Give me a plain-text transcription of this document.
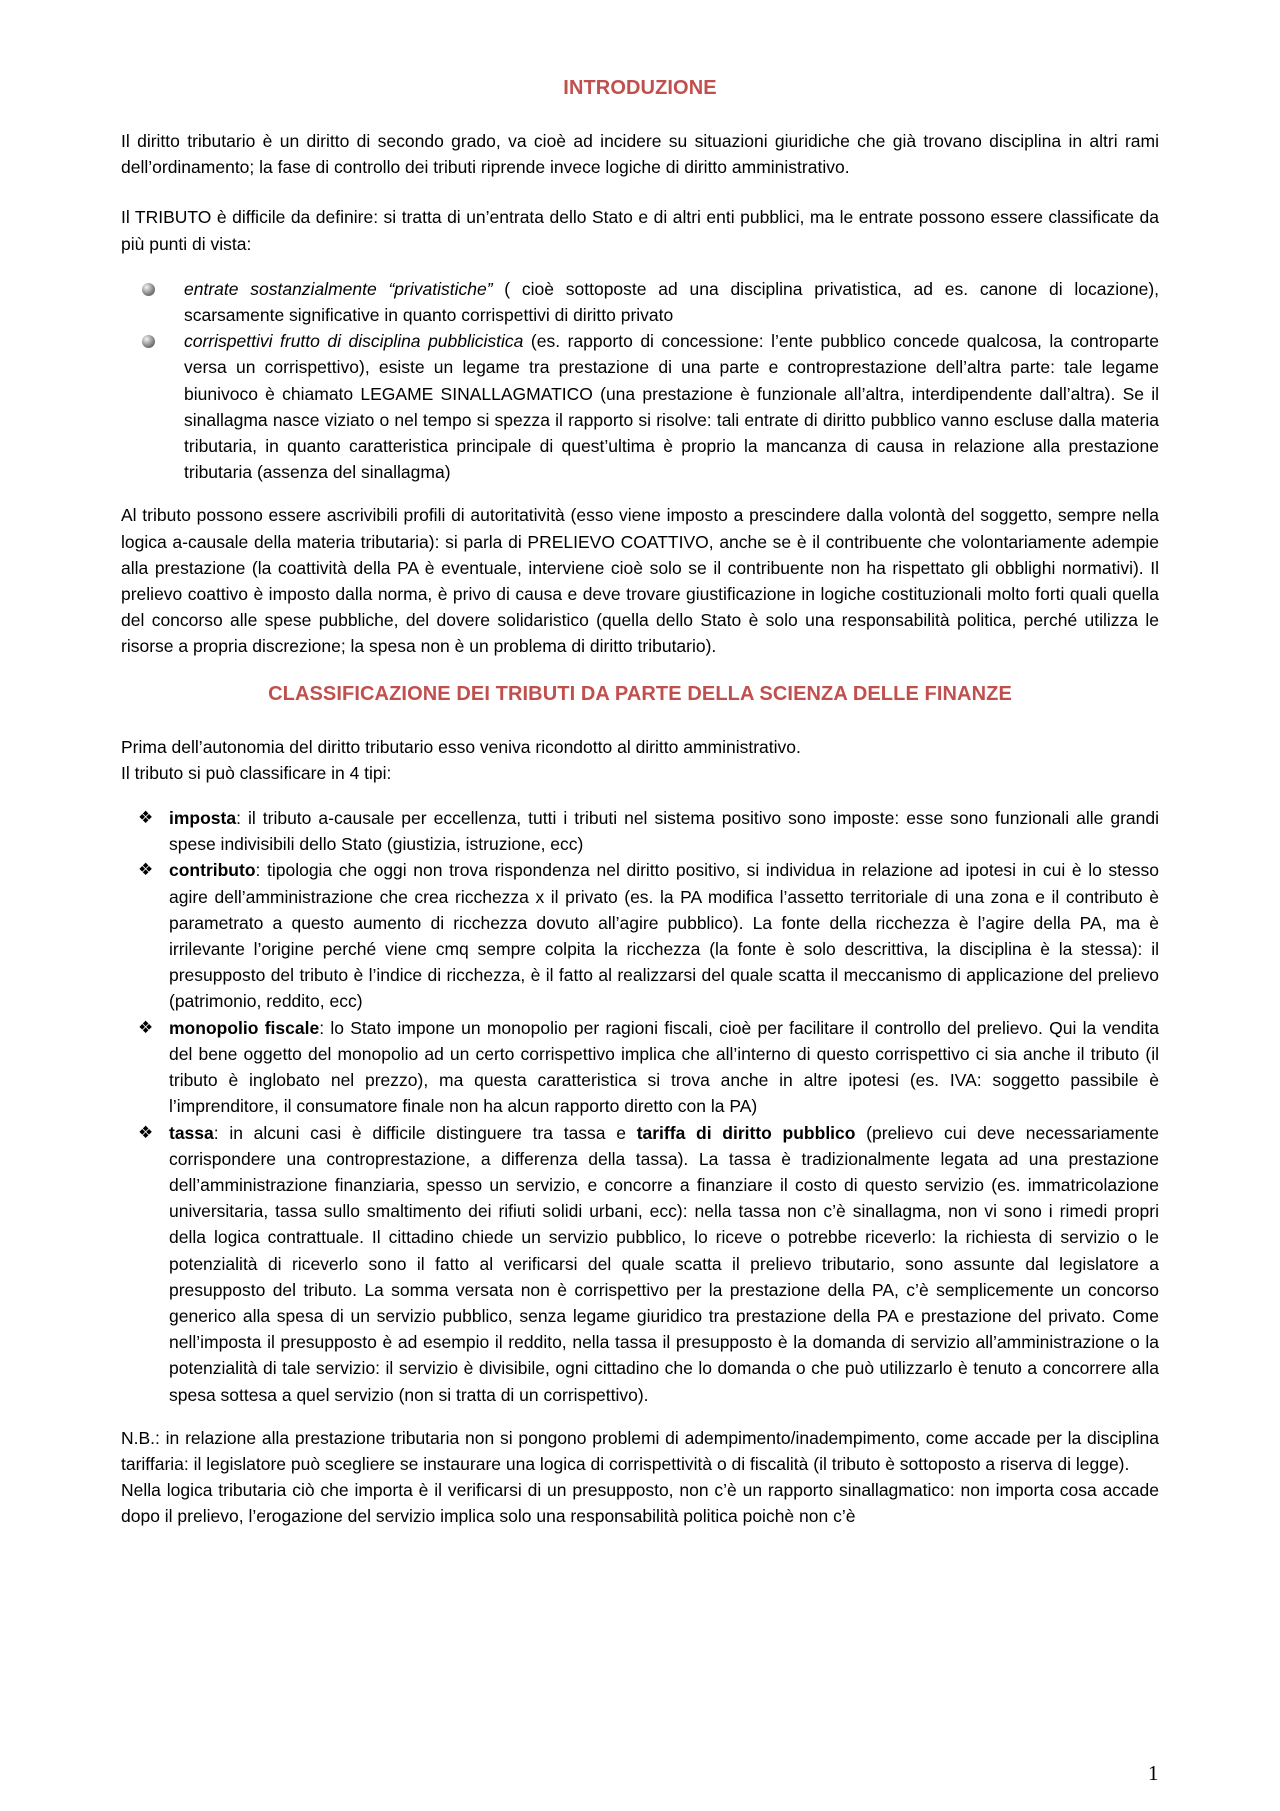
INTRODUZIONE

Il diritto tributario è un diritto di secondo grado, va cioè ad incidere su situazioni giuridiche che già trovano disciplina in altri rami dell’ordinamento; la fase di controllo dei tributi riprende invece logiche di diritto amministrativo.

Il TRIBUTO è difficile da definire: si tratta di un’entrata dello Stato e di altri enti pubblici, ma le entrate possono essere classificate da più punti di vista:

entrate sostanzialmente “privatistiche” ( cioè sottoposte ad una disciplina privatistica, ad es. canone di locazione), scarsamente significative in quanto corrispettivi di diritto privato
corrispettivi frutto di disciplina pubblicistica (es. rapporto di concessione: l’ente pubblico concede qualcosa, la controparte versa un corrispettivo), esiste un legame tra prestazione di una parte e controprestazione dell’altra parte: tale legame biunivoco è chiamato LEGAME SINALLAGMATICO (una prestazione è funzionale all’altra, interdipendente dall’altra). Se il sinallagma nasce viziato o nel tempo si spezza il rapporto si risolve: tali entrate di diritto pubblico vanno escluse dalla materia tributaria, in quanto caratteristica principale di quest’ultima è proprio la mancanza di causa in relazione alla prestazione tributaria (assenza del sinallagma)

Al tributo possono essere ascrivibili profili di autoritatività (esso viene imposto a prescindere dalla volontà del soggetto, sempre nella logica a-causale della materia tributaria): si parla di PRELIEVO COATTIVO, anche se è il contribuente che volontariamente adempie alla prestazione (la coattività della PA è eventuale, interviene cioè solo se il contribuente non ha rispettato gli obblighi normativi). Il prelievo coattivo è imposto dalla norma, è privo di causa e deve trovare giustificazione in logiche costituzionali molto forti quali quella del concorso alle spese pubbliche, del dovere solidaristico (quella dello Stato è solo una responsabilità politica, perché utilizza le risorse a propria discrezione; la spesa non è un problema di diritto tributario).

CLASSIFICAZIONE DEI TRIBUTI DA PARTE DELLA SCIENZA DELLE FINANZE

Prima dell’autonomia del diritto tributario esso veniva ricondotto al diritto amministrativo.

Il tributo si può classificare in 4 tipi:

❖ imposta: il tributo a-causale per eccellenza, tutti i tributi nel sistema positivo sono imposte: esse sono funzionali alle grandi spese indivisibili dello Stato (giustizia, istruzione, ecc)
❖ contributo: tipologia che oggi non trova rispondenza nel diritto positivo, si individua in relazione ad ipotesi in cui è lo stesso agire dell’amministrazione che crea ricchezza x il privato (es. la PA modifica l’assetto territoriale di una zona e il contributo è parametrato a questo aumento di ricchezza dovuto all’agire pubblico). La fonte della ricchezza è l’agire della PA, ma è irrilevante l’origine perché viene cmq sempre colpita la ricchezza (la fonte è solo descrittiva, la disciplina è la stessa): il presupposto del tributo è l’indice di ricchezza, è il fatto al realizzarsi del quale scatta il meccanismo di applicazione del prelievo (patrimonio, reddito, ecc)
❖ monopolio fiscale: lo Stato impone un monopolio per ragioni fiscali, cioè per facilitare il controllo del prelievo. Qui la vendita del bene oggetto del monopolio ad un certo corrispettivo implica che all’interno di questo corrispettivo ci sia anche il tributo (il tributo è inglobato nel prezzo), ma questa caratteristica si trova anche in altre ipotesi (es. IVA: soggetto passibile è l’imprenditore, il consumatore finale non ha alcun rapporto diretto con la PA)
❖ tassa: in alcuni casi è difficile distinguere tra tassa e tariffa di diritto pubblico (prelievo cui deve necessariamente corrispondere una controprestazione, a differenza della tassa). La tassa è tradizionalmente legata ad una prestazione dell’amministrazione finanziaria, spesso un servizio, e concorre a finanziare il costo di questo servizio (es. immatricolazione universitaria, tassa sullo smaltimento dei rifiuti solidi urbani, ecc): nella tassa non c’è sinallagma, non vi sono i rimedi propri della logica contrattuale. Il cittadino chiede un servizio pubblico, lo riceve o potrebbe riceverlo: la richiesta di servizio o le potenzialità di riceverlo sono il fatto al verificarsi del quale scatta il prelievo tributario, sono assunte dal legislatore a presupposto del tributo. La somma versata non è corrispettivo per la prestazione della PA, c’è semplicemente un concorso generico alla spesa di un servizio pubblico, senza legame giuridico tra prestazione della PA e prestazione del privato. Come nell’imposta il presupposto è ad esempio il reddito, nella tassa il presupposto è la domanda di servizio all’amministrazione o la potenzialità di tale servizio: il servizio è divisibile, ogni cittadino che lo domanda o che può utilizzarlo è tenuto a concorrere alla spesa sottesa a quel servizio (non si tratta di un corrispettivo).

N.B.: in relazione alla prestazione tributaria non si pongono problemi di adempimento/inadempimento, come accade per la disciplina tariffaria: il legislatore può scegliere se instaurare una logica di corrispettività o di fiscalità (il tributo è sottoposto a riserva di legge).

Nella logica tributaria ciò che importa è il verificarsi di un presupposto, non c’è un rapporto sinallagmatico: non importa cosa accade dopo il prelievo, l’erogazione del servizio implica solo una responsabilità politica poichè non c’è

1
